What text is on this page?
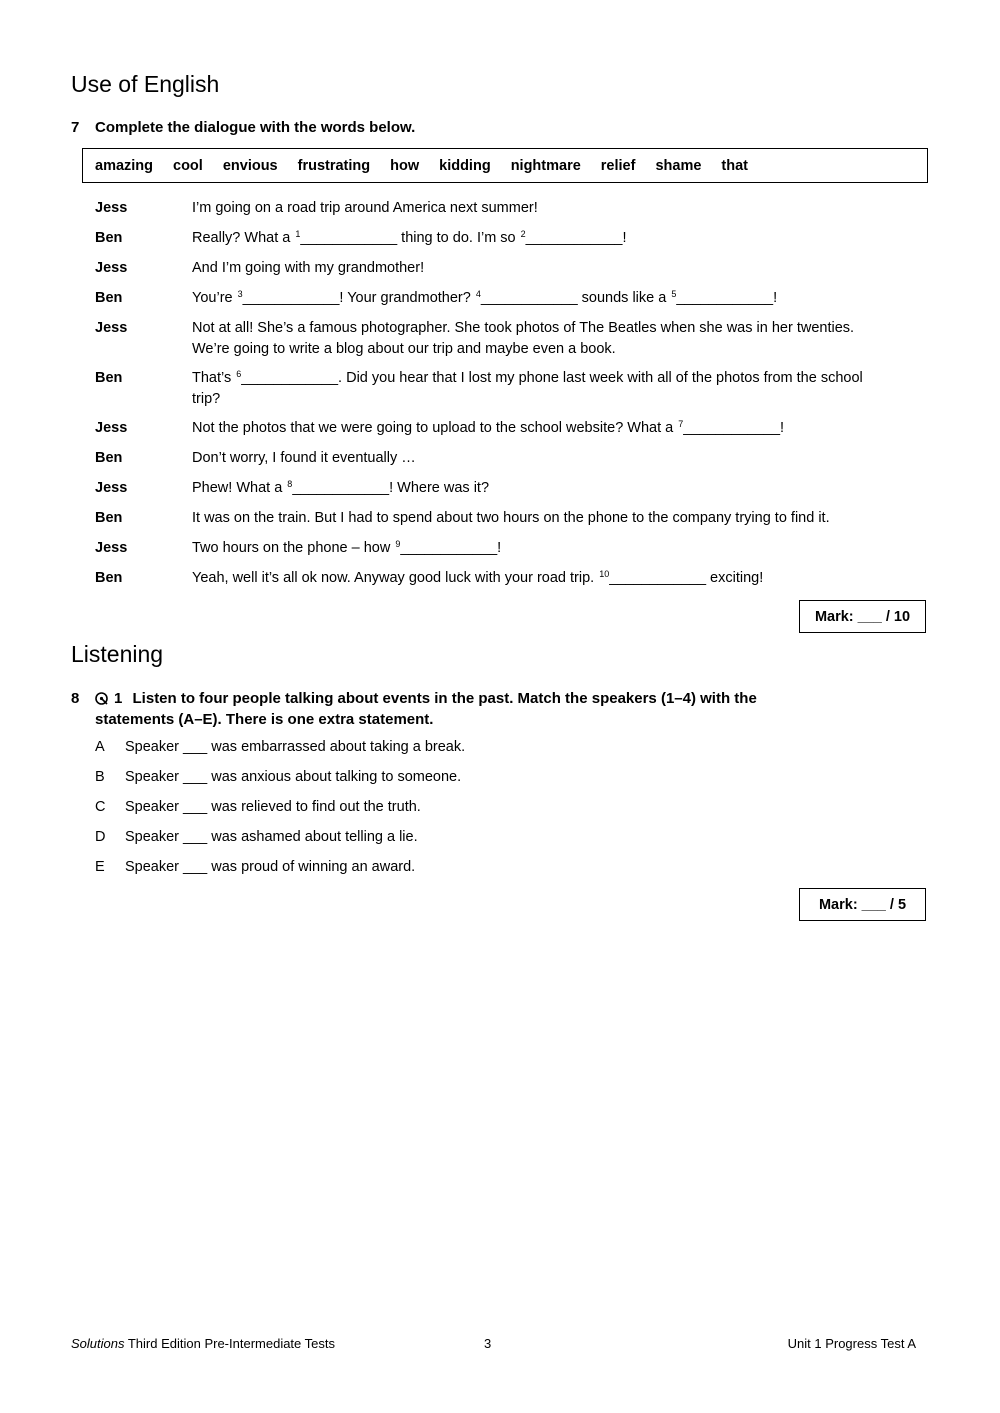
Use of English
7 Complete the dialogue with the words below.
amazing cool envious frustrating how kidding nightmare relief shame that
Jess	I’m going on a road trip around America next summer!
Ben	Really? What a $^1$____________ thing to do. I’m so $^2$____________!
Jess	And I’m going with my grandmother!
Ben	You’re $^3$____________! Your grandmother? $^4$____________ sounds like a $^5$____________!
Jess	Not at all! She’s a famous photographer. She took photos of The Beatles when she was in her twenties.
We’re going to write a blog about our trip and maybe even a book.
Ben	That’s $^6$____________. Did you hear that I lost my phone last week with all of the photos from the school
trip?
Jess	Not the photos that we were going to upload to the school website? What a $^7$____________!
Ben	Don’t worry, I found it eventually …
Jess	Phew! What a $^8$____________! Where was it?
Ben	It was on the train. But I had to spend about two hours on the phone to the company trying to find it.
Jess	Two hours on the phone – how $^9$____________!
Ben	Yeah, well it’s all ok now. Anyway good luck with your road trip. $^{10}$____________ exciting!
Mark: ___ / 10
Listening
8	1 Listen to four people talking about events in the past. Match the speakers (1–4) with the
statements (A–E). There is one extra statement.
A Speaker ___ was embarrassed about taking a break.
B Speaker ___ was anxious about talking to someone.
C Speaker ___ was relieved to find out the truth.
D Speaker ___ was ashamed about telling a lie.
E Speaker ___ was proud of winning an award.
Mark: ___ / 5
Solutions Third Edition Pre-Intermediate Tests	3	Unit 1 Progress Test A
